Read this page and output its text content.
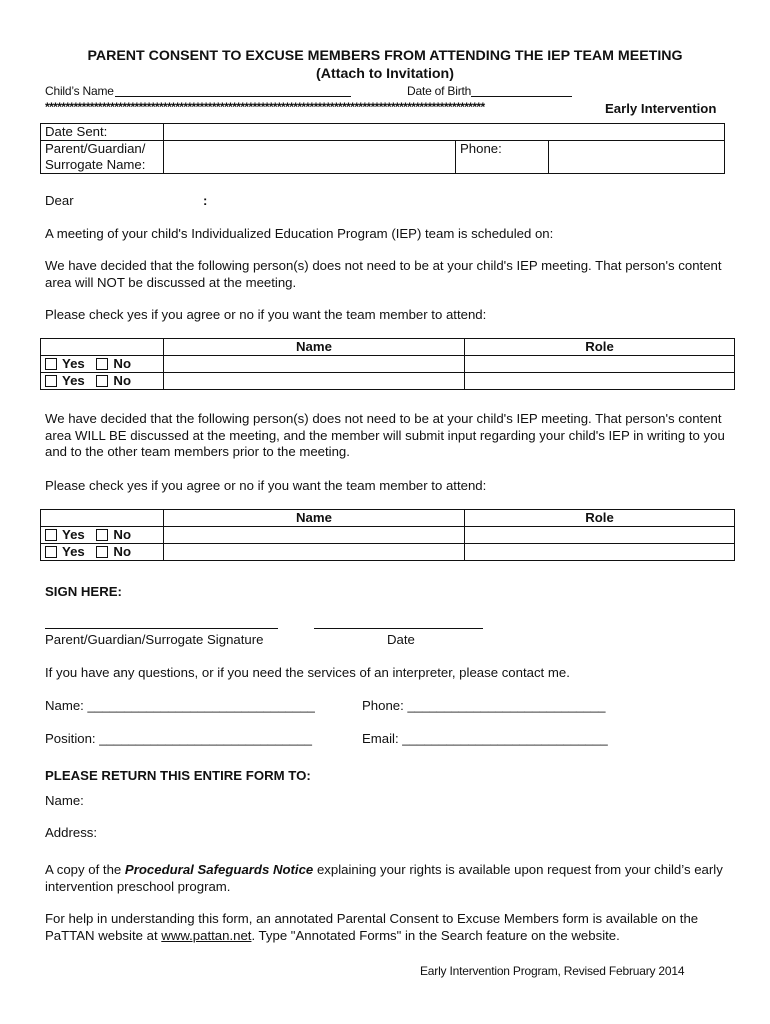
PARENT CONSENT TO EXCUSE MEMBERS FROM ATTENDING THE IEP TEAM MEETING
(Attach to Invitation)
Child’s Name	Date of Birth
************************************************************************************************************	Early Intervention
Date Sent:			

Parent/Guardian/
Surrogate Name:		Phone:	
Dear	:
A meeting of your child's Individualized Education Program (IEP) team is scheduled on:
We have decided that the following person(s) does not need to be at your child's IEP meeting. That person's content area will NOT be discussed at the meeting.
Please check yes if you agree or no if you want the team member to attend:
	Name	Role
Yes No		
Yes No		
We have decided that the following person(s) does not need to be at your child's IEP meeting. That person's content area WILL BE discussed at the meeting, and the member will submit input regarding your child's IEP in writing to you and to the other team members prior to the meeting.
Please check yes if you agree or no if you want the team member to attend:
	Name	Role
Yes No		
Yes No		
SIGN HERE:
Parent/Guardian/Surrogate Signature	Date
If you have any questions, or if you need the services of an interpreter, please contact me.
Name: _______________________________	Phone: ___________________________
Position: _____________________________	Email: ____________________________
PLEASE RETURN THIS ENTIRE FORM TO:
Name:
Address:
A copy of the Procedural Safeguards Notice explaining your rights is available upon request from your child’s early intervention preschool program.
For help in understanding this form, an annotated Parental Consent to Excuse Members form is available on the PaTTAN website at www.pattan.net. Type "Annotated Forms" in the Search feature on the website.
Early Intervention Program, Revised February 2014
